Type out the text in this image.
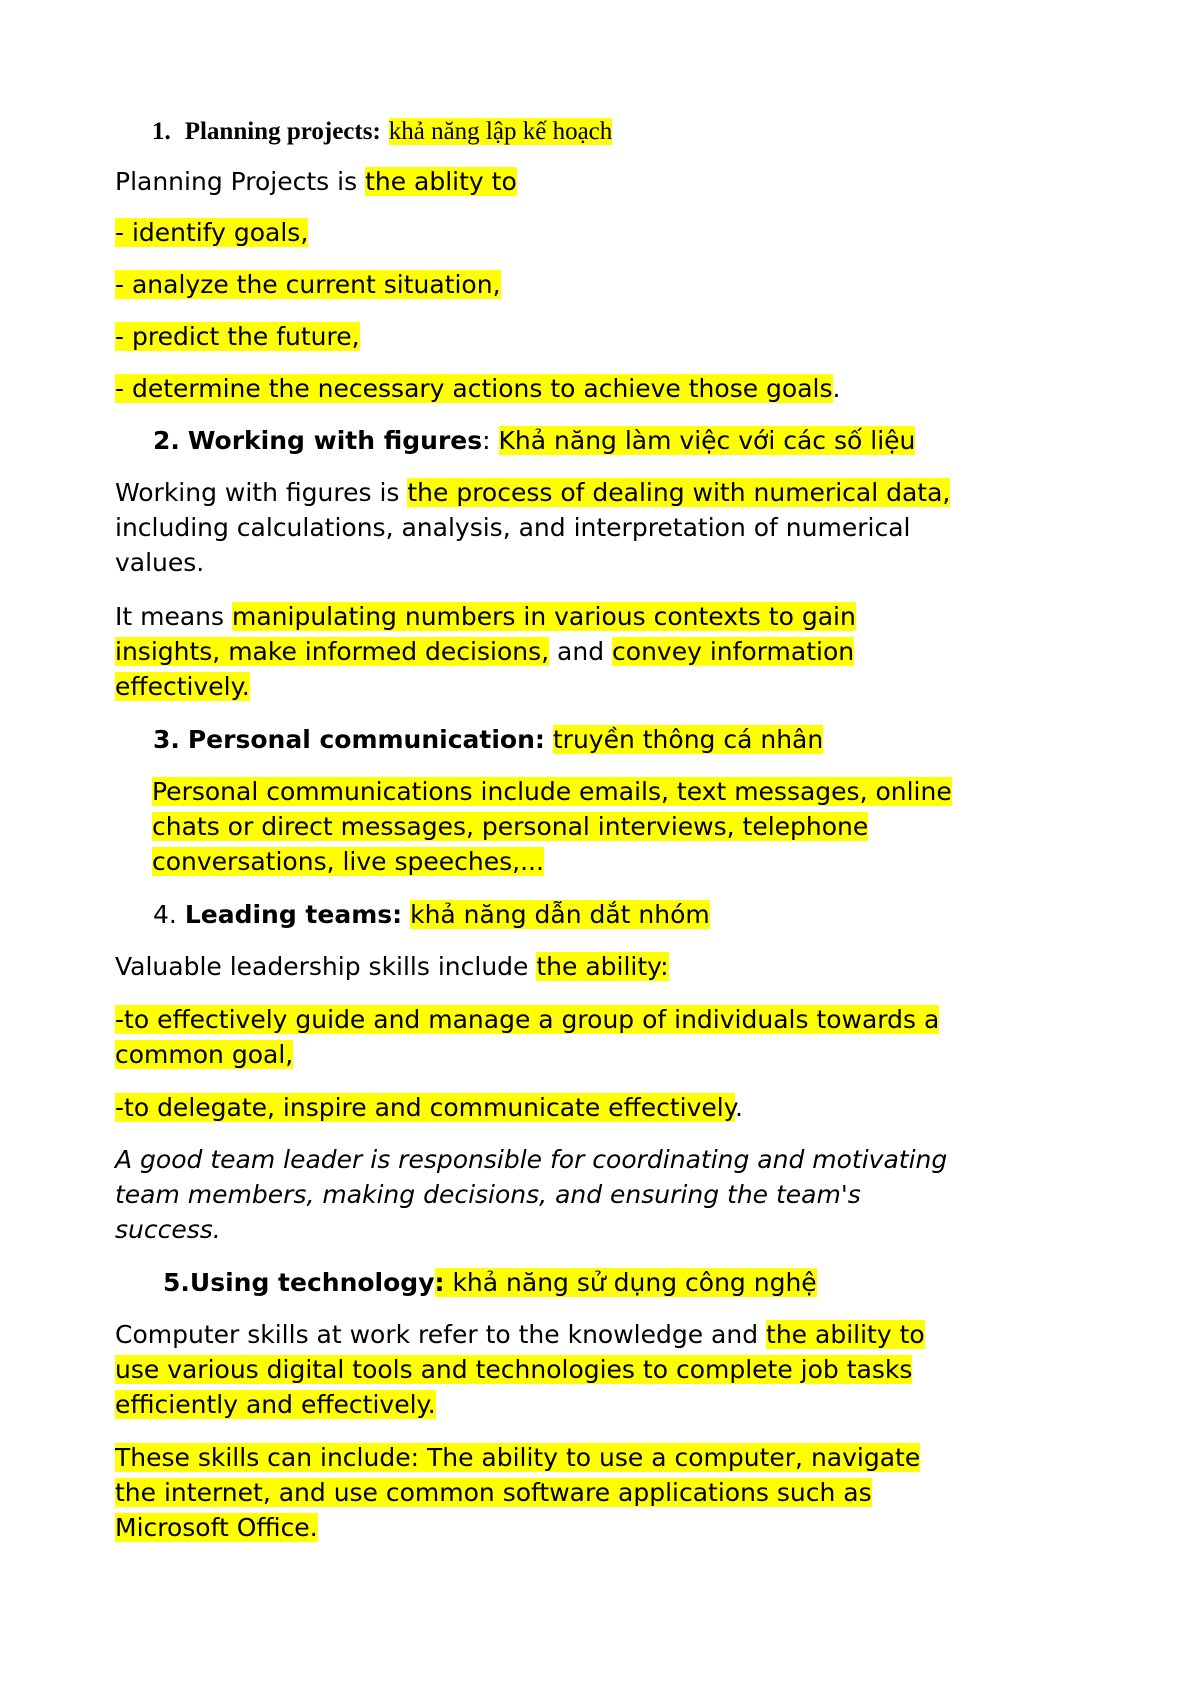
1. Planning projects: khả năng lập kế hoạch
Planning Projects is the ablity to
- identify goals,
- analyze the current situation,
- predict the future,
- determine the necessary actions to achieve those goals.
2. Working with figures: Khả năng làm việc với các số liệu
Working with figures is the process of dealing with numerical data,
including calculations, analysis, and interpretation of numerical
values.
It means manipulating numbers in various contexts to gain
insights, make informed decisions, and convey information
effectively.
3. Personal communication: truyền thông cá nhân
Personal communications include emails, text messages, online
chats or direct messages, personal interviews, telephone
conversations, live speeches,...
4. Leading teams: khả năng dẫn dắt nhóm
Valuable leadership skills include the ability:
-to effectively guide and manage a group of individuals towards a
common goal,
-to delegate, inspire and communicate effectively.
A good team leader is responsible for coordinating and motivating
team members, making decisions, and ensuring the team's
success.
5.Using technology: khả năng sử dụng công nghệ
Computer skills at work refer to the knowledge and the ability to
use various digital tools and technologies to complete job tasks
efficiently and effectively.
These skills can include: The ability to use a computer, navigate
the internet, and use common software applications such as
Microsoft Office.
